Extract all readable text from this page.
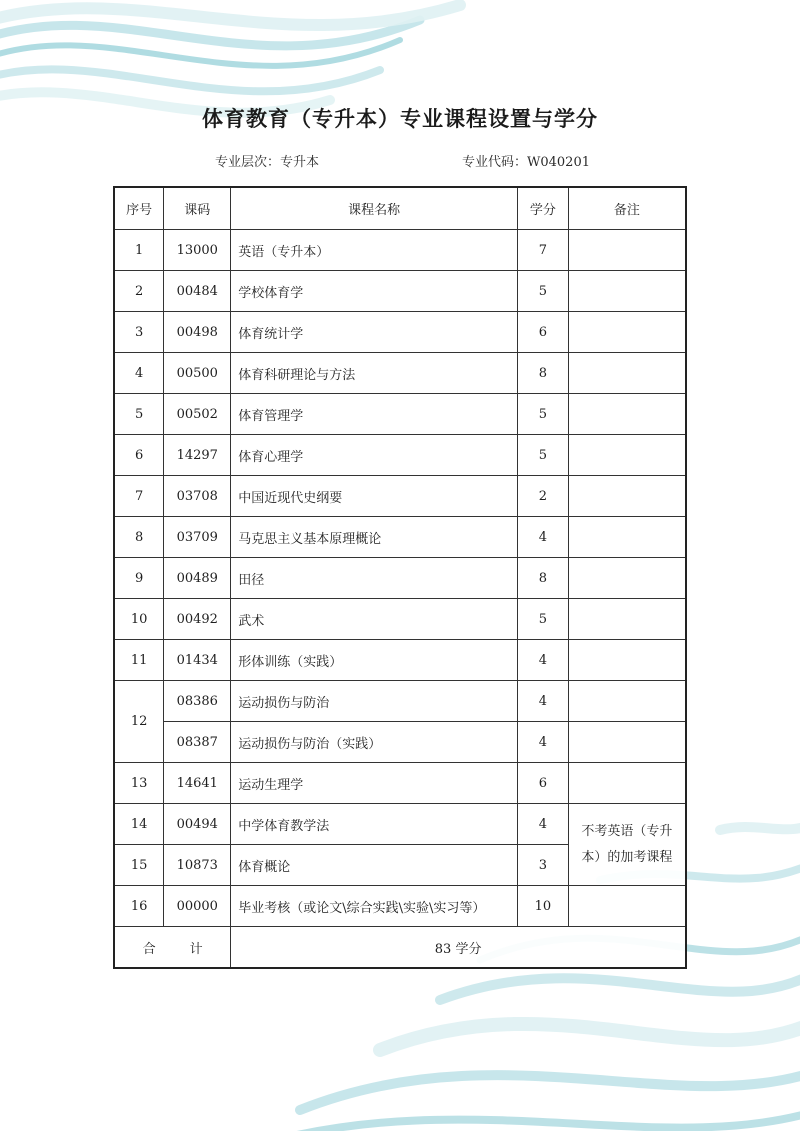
体育教育（专升本）专业课程设置与学分
专业层次：专升本	专业代码：W040201
序号	课码	课程名称	学分	备注
1	13000	英语（专升本）	7	
2	00484	学校体育学	5	
3	00498	体育统计学	6	
4	00500	体育科研理论与方法	8	
5	00502	体育管理学	5	
6	14297	体育心理学	5	
7	03708	中国近现代史纲要	2	
8	03709	马克思主义基本原理概论	4	
9	00489	田径	8	
10	00492	武术	5	
11	01434	形体训练（实践）	4	
12	08386	运动损伤与防治	4	
	08387	运动损伤与防治（实践）	4	
13	14641	运动生理学	6	
14	00494	中学体育教学法	4	不考英语（专升本）的加考课程
15	10873	体育概论	3	
16	00000	毕业考核（或论文\综合实践\实验\实习等）	10	
合 计		83 学分		
